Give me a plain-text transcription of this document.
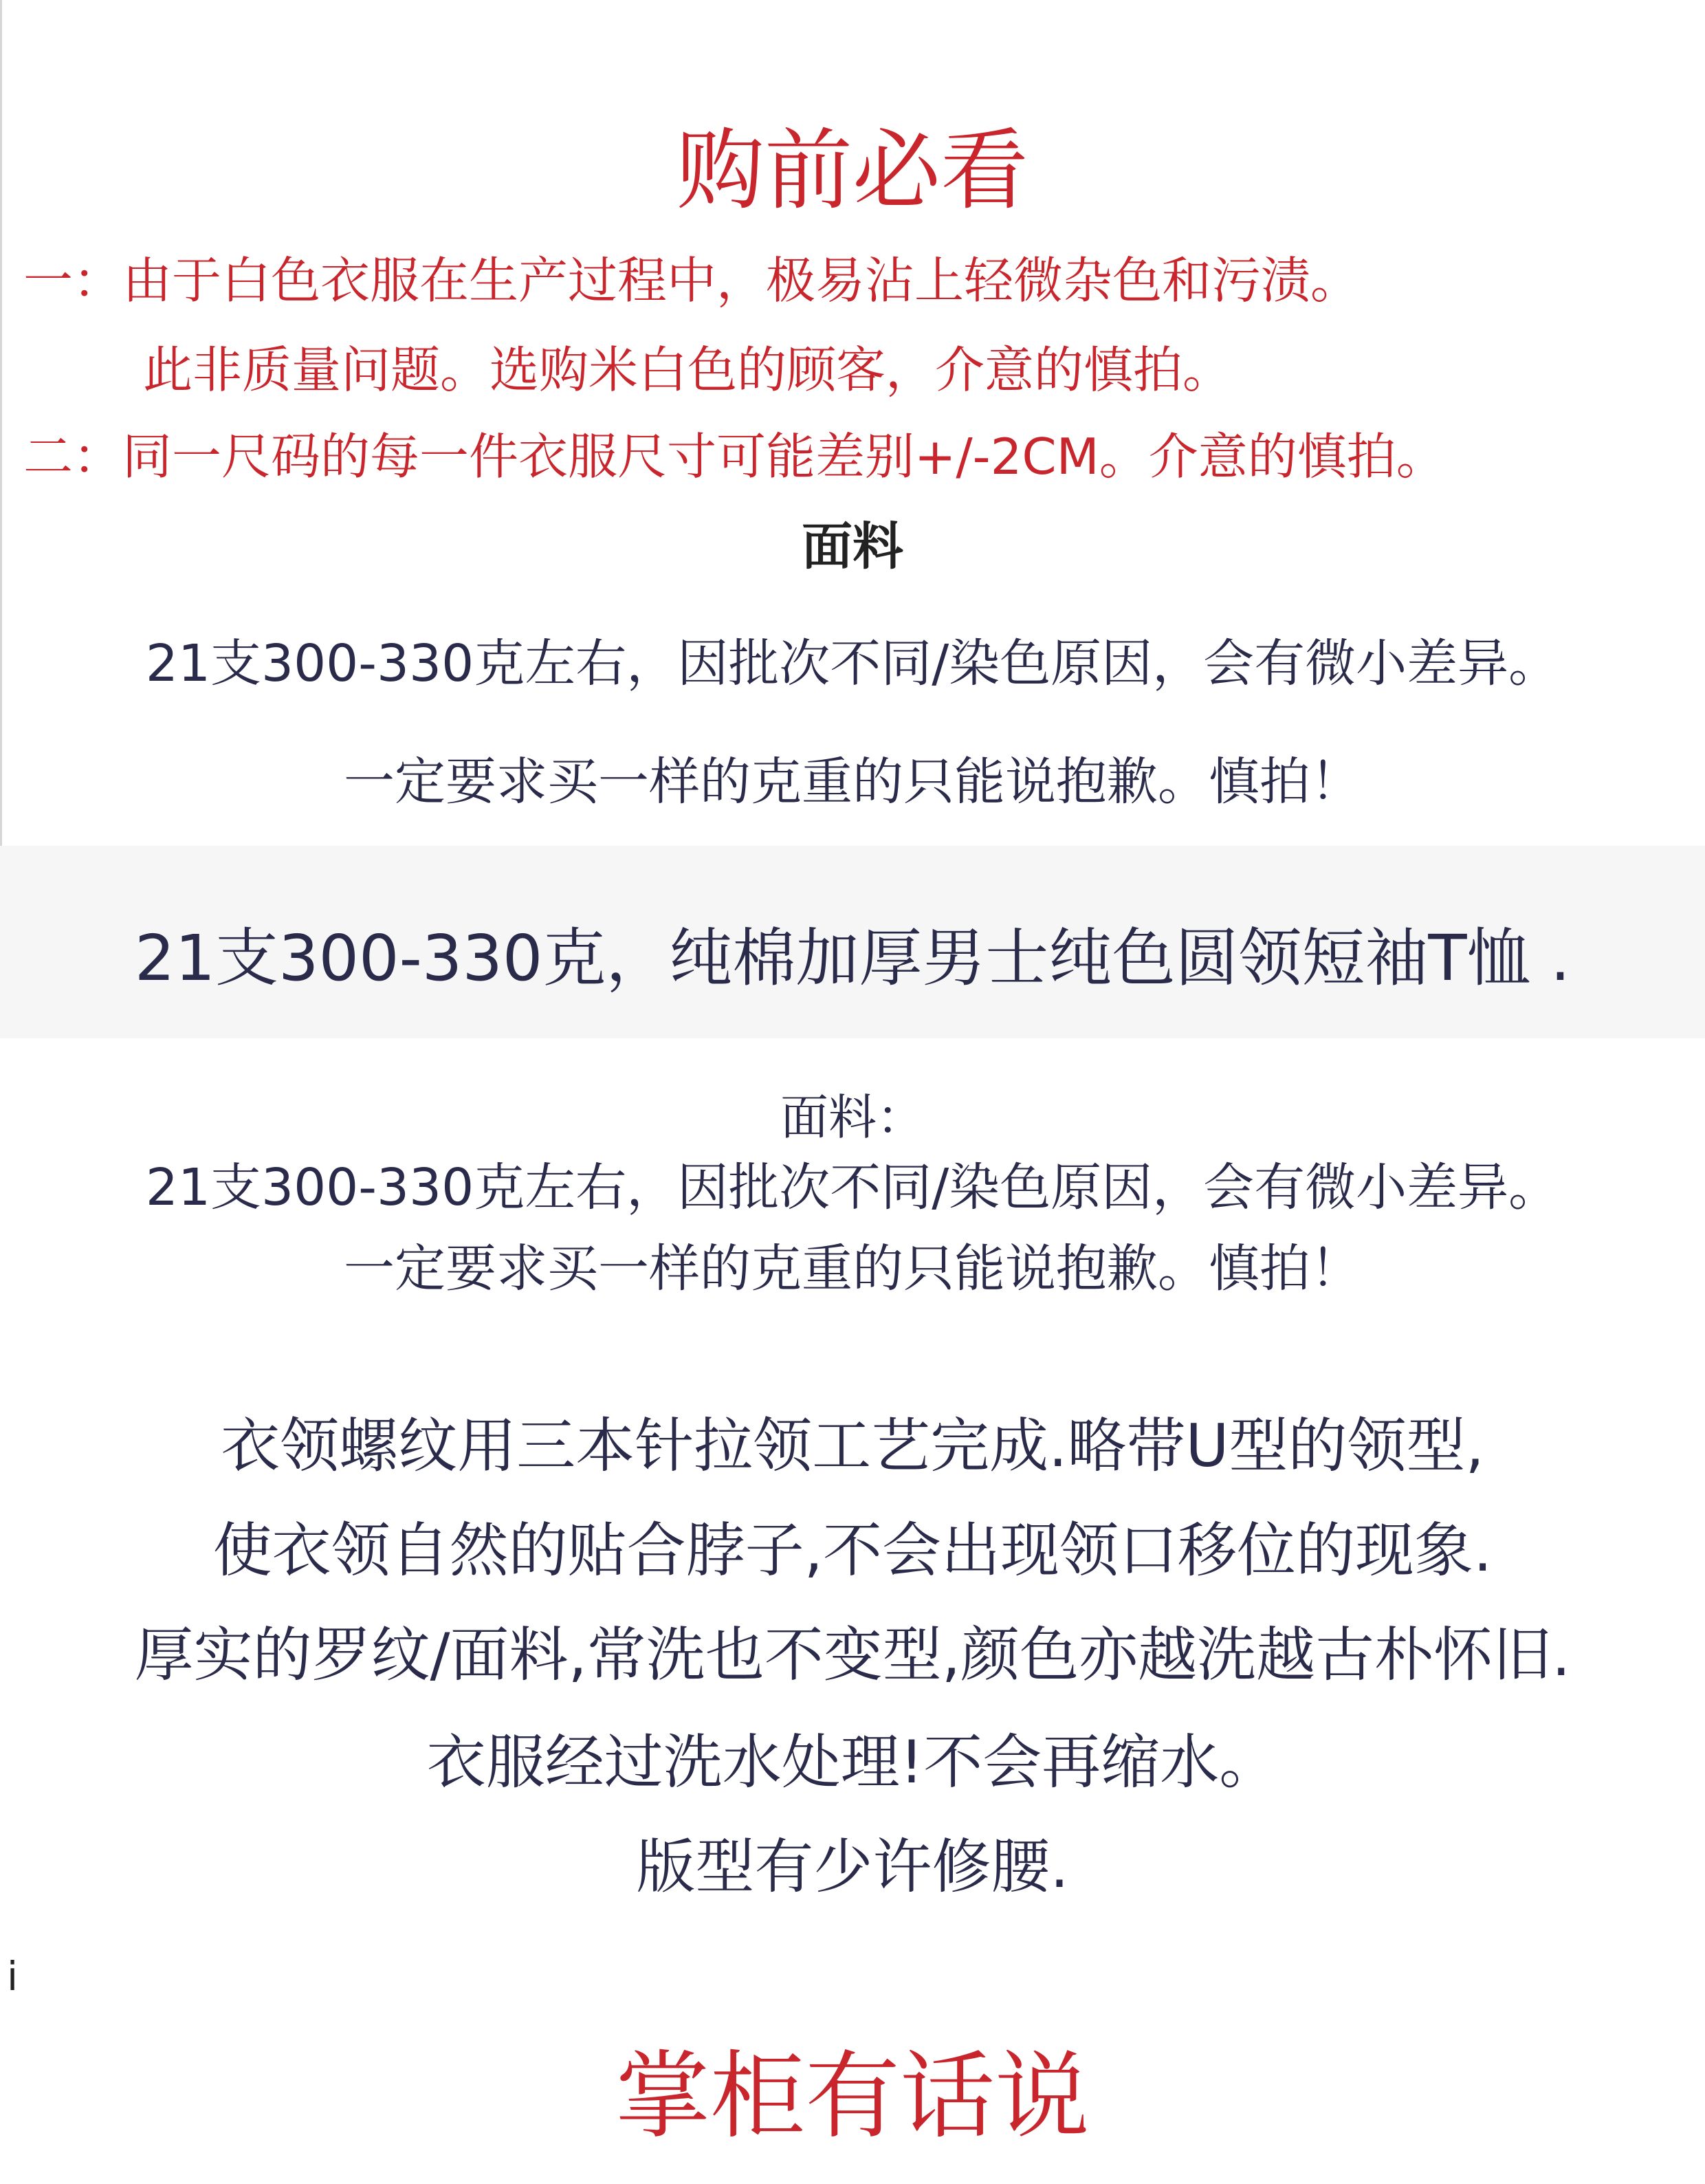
购前必看

一：由于白色衣服在生产过程中，极易沾上轻微杂色和污渍。

此非质量问题。选购米白色的顾客，介意的慎拍。

二：同一尺码的每一件衣服尺寸可能差别+/-2CM。介意的慎拍。

面料

21支300-330克左右，因批次不同/染色原因，会有微小差异。

一定要求买一样的克重的只能说抱歉。慎拍！

21支300-330克，纯棉加厚男士纯色圆领短袖T恤 .

面料：

21支300-330克左右，因批次不同/染色原因，会有微小差异。

一定要求买一样的克重的只能说抱歉。慎拍！

衣领螺纹用三本针拉领工艺完成.略带U型的领型,

使衣领自然的贴合脖子,不会出现领口移位的现象.

厚实的罗纹/面料,常洗也不变型,颜色亦越洗越古朴怀旧.

衣服经过洗水处理!不会再缩水。

版型有少许修腰.

i

掌柜有话说
